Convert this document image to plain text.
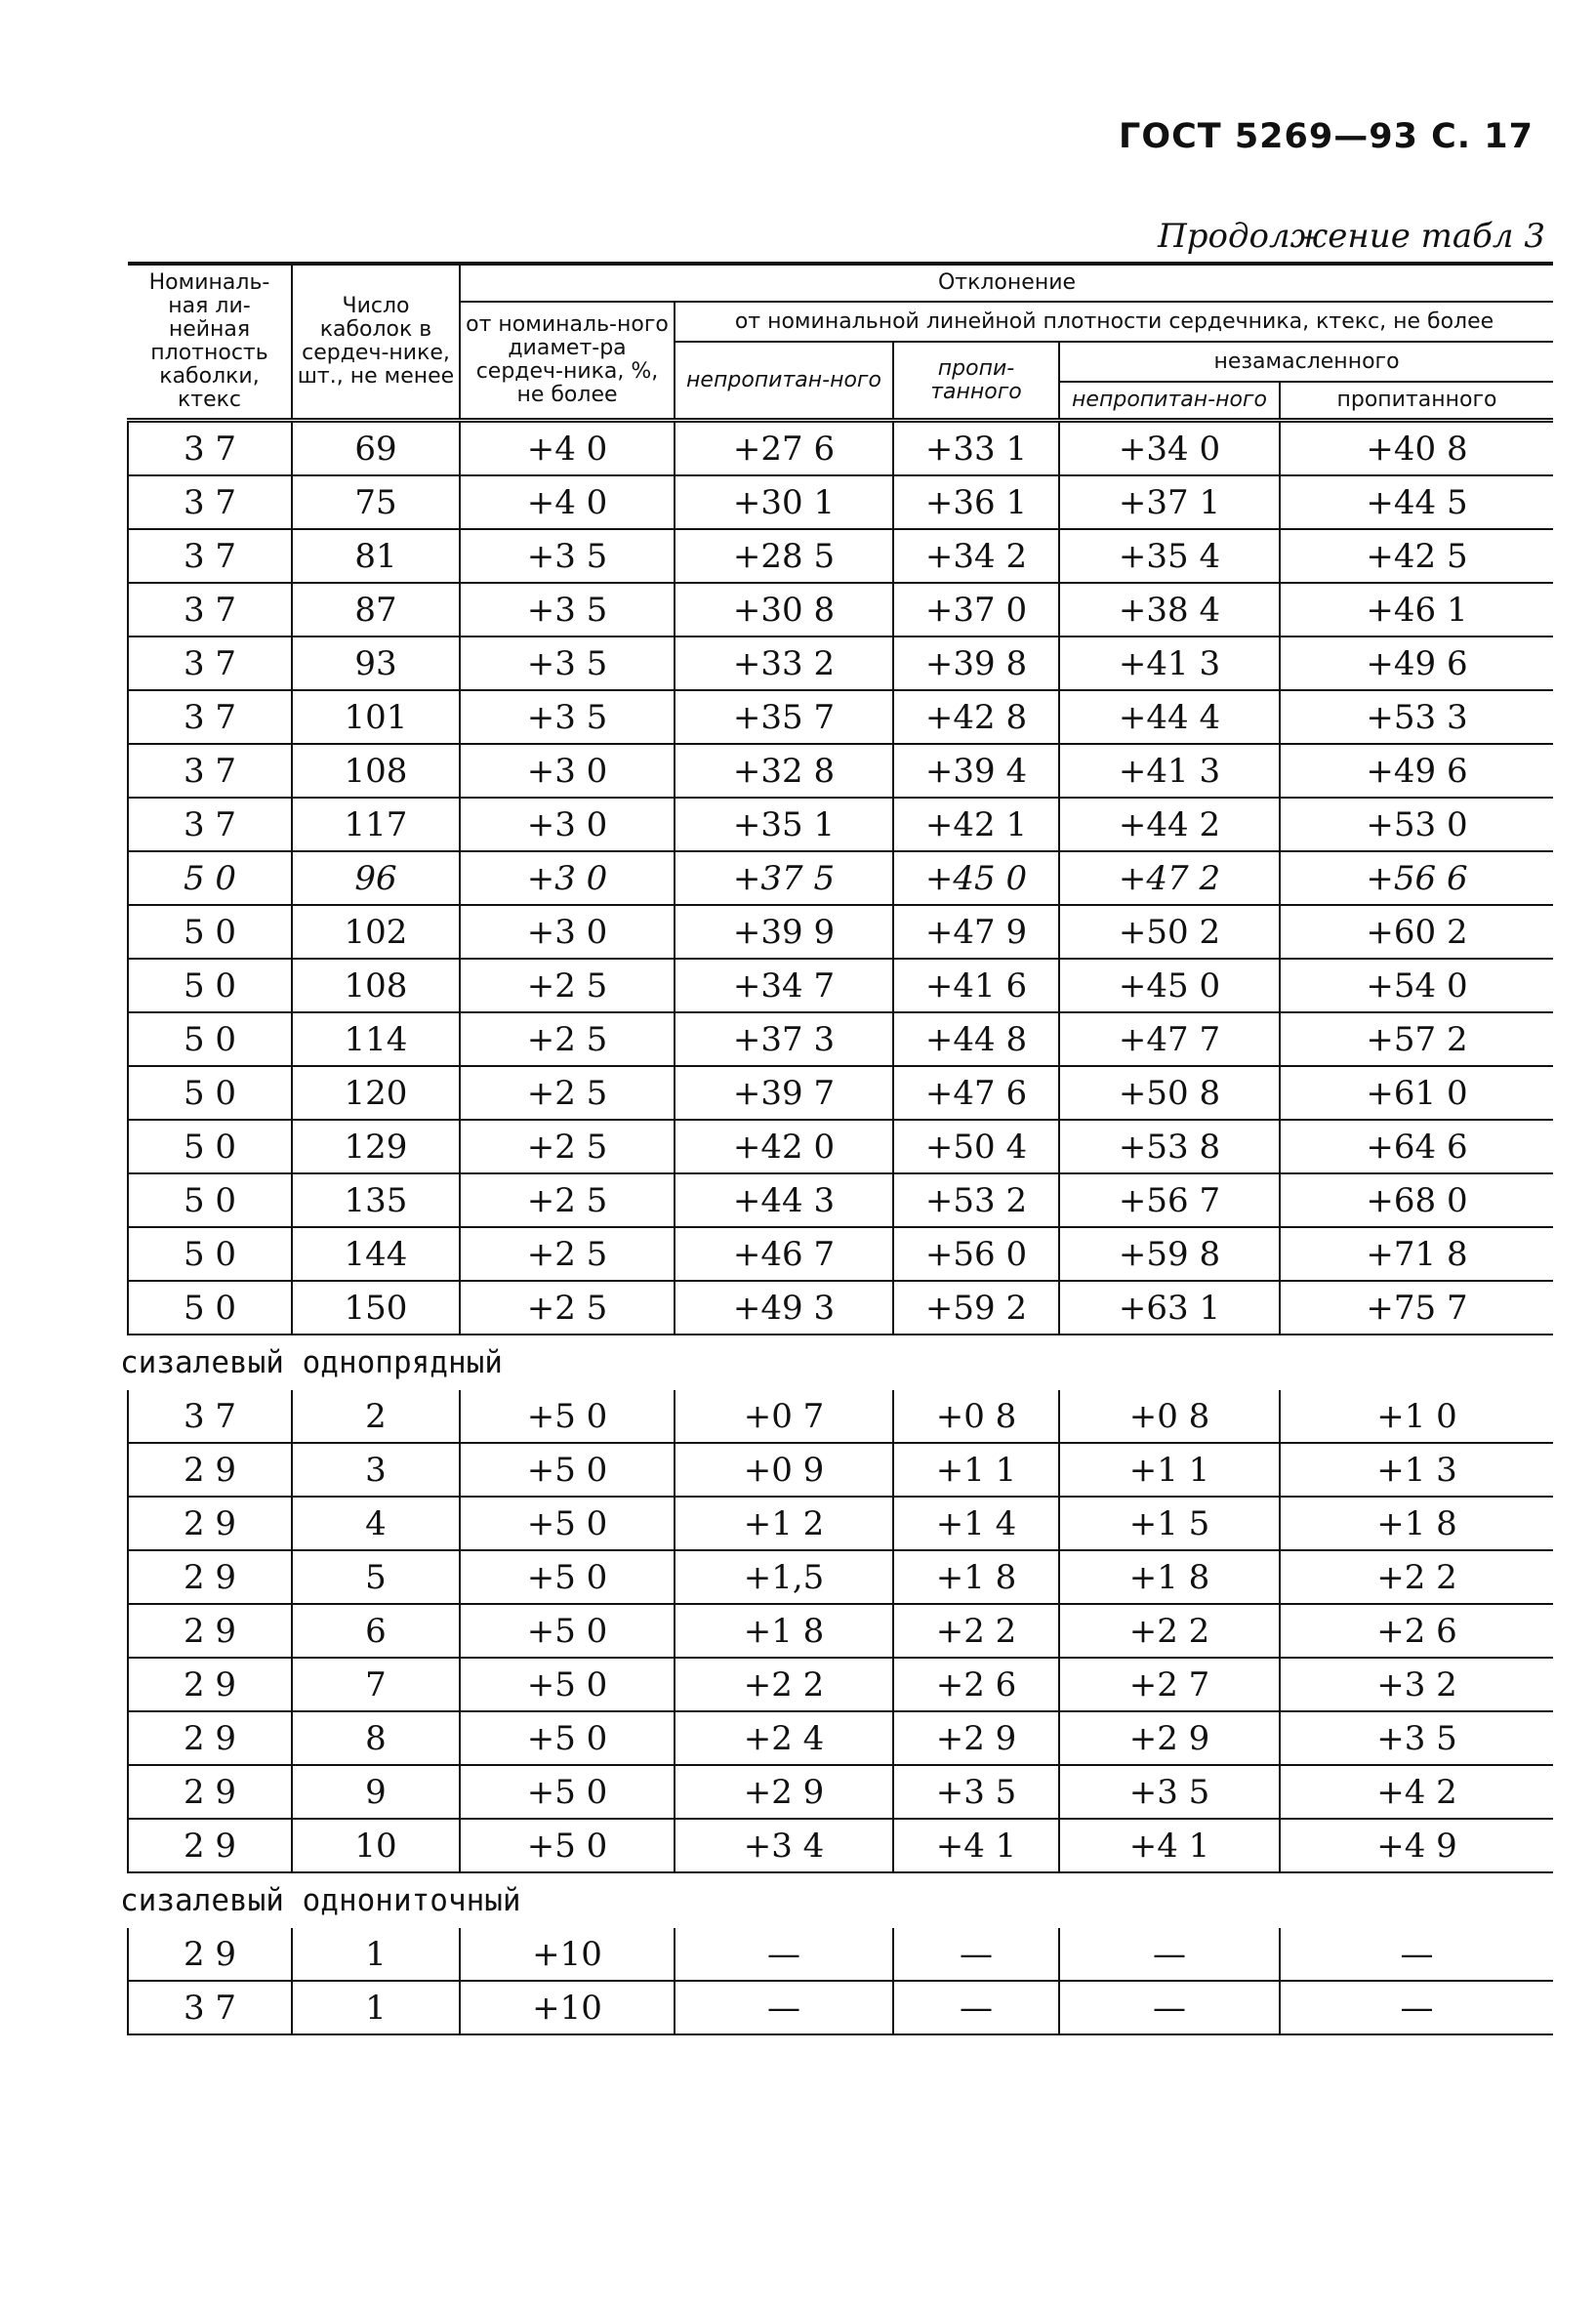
ГОСТ 5269—93 С. 17
Продолжение табл 3
Номиналь-ная ли-нейная плотность каболки, ктекс	Число каболок в сердеч-нике, шт., не менее	Отклонение				
		от номиналь-ного диамет-ра сердеч-ника, %, не более	от номинальной линейной плотности сердечника, ктекс, не более			
			непропитан-ного	пропи-танного	незамасленного	
					непропитан-ного	пропитанного
3 7	69	+4 0	+27 6	+33 1	+34 0	+40 8
3 7	75	+4 0	+30 1	+36 1	+37 1	+44 5
3 7	81	+3 5	+28 5	+34 2	+35 4	+42 5
3 7	87	+3 5	+30 8	+37 0	+38 4	+46 1
3 7	93	+3 5	+33 2	+39 8	+41 3	+49 6
3 7	101	+3 5	+35 7	+42 8	+44 4	+53 3
3 7	108	+3 0	+32 8	+39 4	+41 3	+49 6
3 7	117	+3 0	+35 1	+42 1	+44 2	+53 0
5 0	96	+3 0	+37 5	+45 0	+47 2	+56 6
5 0	102	+3 0	+39 9	+47 9	+50 2	+60 2
5 0	108	+2 5	+34 7	+41 6	+45 0	+54 0
5 0	114	+2 5	+37 3	+44 8	+47 7	+57 2
5 0	120	+2 5	+39 7	+47 6	+50 8	+61 0
5 0	129	+2 5	+42 0	+50 4	+53 8	+64 6
5 0	135	+2 5	+44 3	+53 2	+56 7	+68 0
5 0	144	+2 5	+46 7	+56 0	+59 8	+71 8
5 0	150	+2 5	+49 3	+59 2	+63 1	+75 7
сизалевый однопрядный						
3 7	2	+5 0	+0 7	+0 8	+0 8	+1 0
2 9	3	+5 0	+0 9	+1 1	+1 1	+1 3
2 9	4	+5 0	+1 2	+1 4	+1 5	+1 8
2 9	5	+5 0	+1,5	+1 8	+1 8	+2 2
2 9	6	+5 0	+1 8	+2 2	+2 2	+2 6
2 9	7	+5 0	+2 2	+2 6	+2 7	+3 2
2 9	8	+5 0	+2 4	+2 9	+2 9	+3 5
2 9	9	+5 0	+2 9	+3 5	+3 5	+4 2
2 9	10	+5 0	+3 4	+4 1	+4 1	+4 9
сизалевый однониточный						
2 9	1	+10	—	—	—	—
3 7	1	+10	—	—	—	—
